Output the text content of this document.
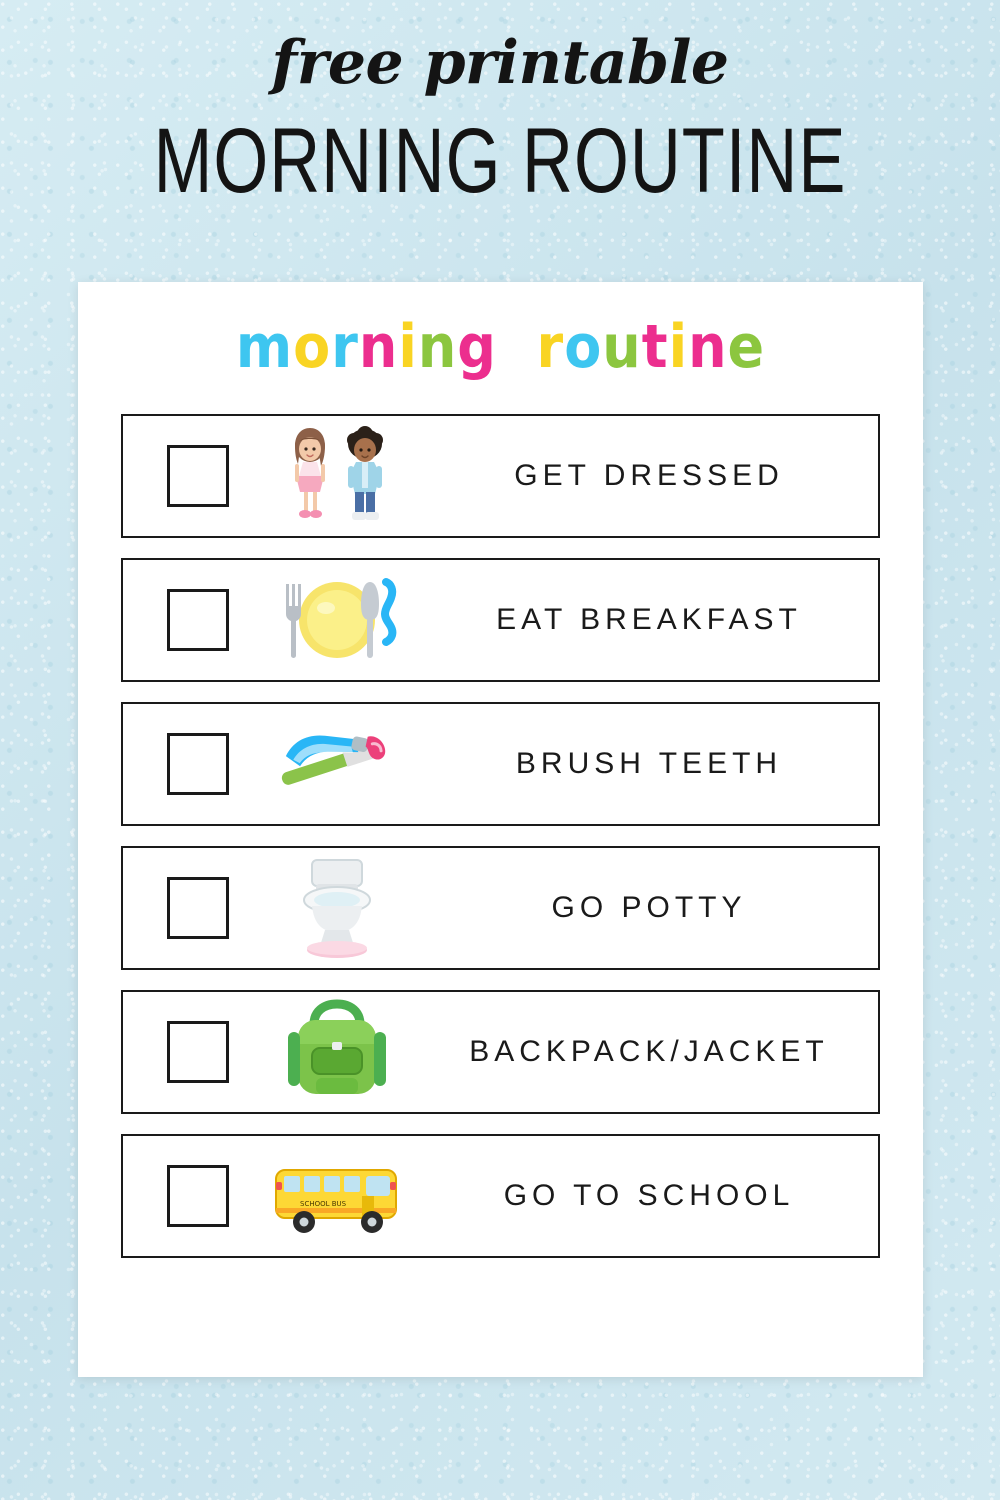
free printable
MORNING ROUTINE
morning routine
GET DRESSED
EAT BREAKFAST
BRUSH TEETH
GO POTTY
BACKPACK/JACKET
SCHOOL BUS	GO TO SCHOOL
